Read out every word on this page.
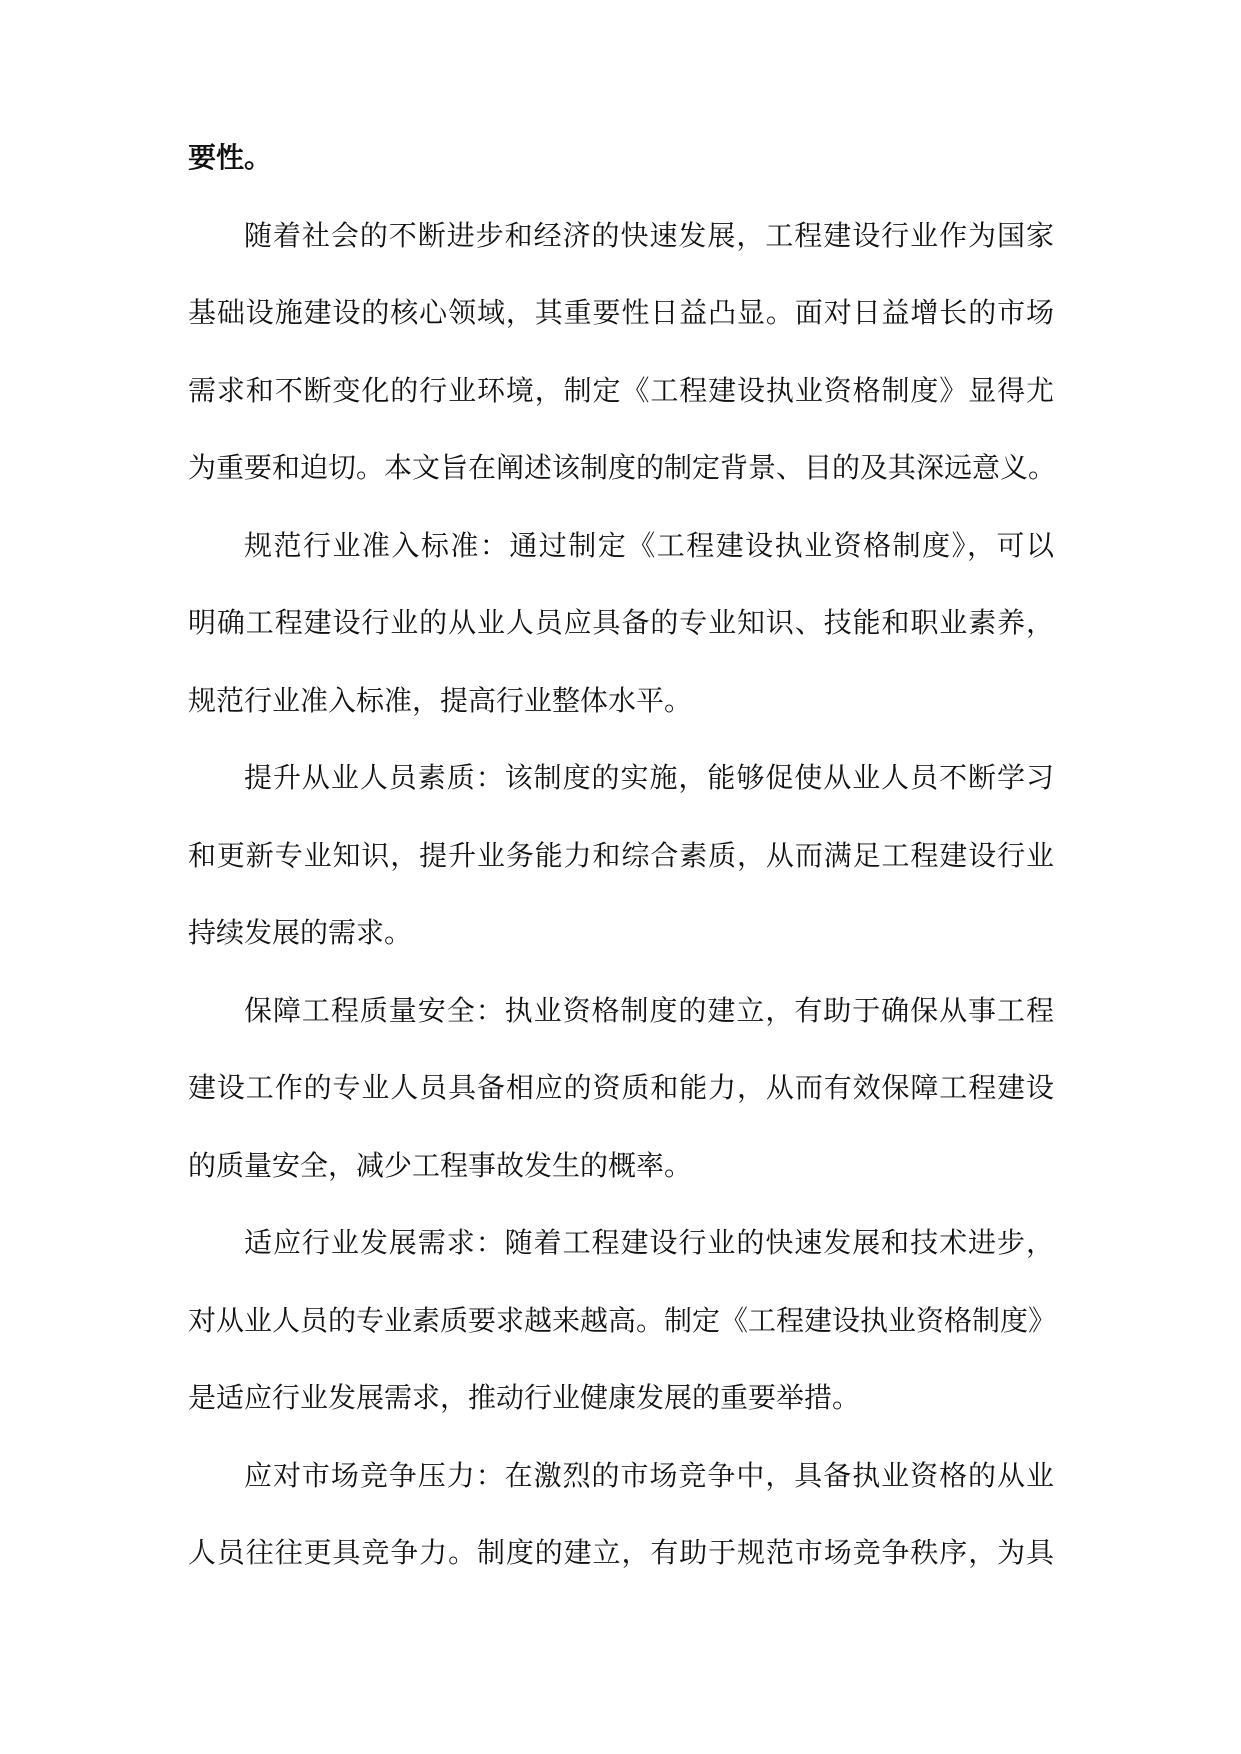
要性。
随着社会的不断进步和经济的快速发展，工程建设行业作为国家
基础设施建设的核心领域，其重要性日益凸显。面对日益增长的市场
需求和不断变化的行业环境，制定《工程建设执业资格制度》显得尤
为重要和迫切。本文旨在阐述该制度的制定背景、目的及其深远意义。
规范行业准入标准：通过制定《工程建设执业资格制度》，可以
明确工程建设行业的从业人员应具备的专业知识、技能和职业素养，
规范行业准入标准，提高行业整体水平。
提升从业人员素质：该制度的实施，能够促使从业人员不断学习
和更新专业知识，提升业务能力和综合素质，从而满足工程建设行业
持续发展的需求。
保障工程质量安全：执业资格制度的建立，有助于确保从事工程
建设工作的专业人员具备相应的资质和能力，从而有效保障工程建设
的质量安全，减少工程事故发生的概率。
适应行业发展需求：随着工程建设行业的快速发展和技术进步，
对从业人员的专业素质要求越来越高。制定《工程建设执业资格制度》
是适应行业发展需求，推动行业健康发展的重要举措。
应对市场竞争压力：在激烈的市场竞争中，具备执业资格的从业
人员往往更具竞争力。制度的建立，有助于规范市场竞争秩序，为具
